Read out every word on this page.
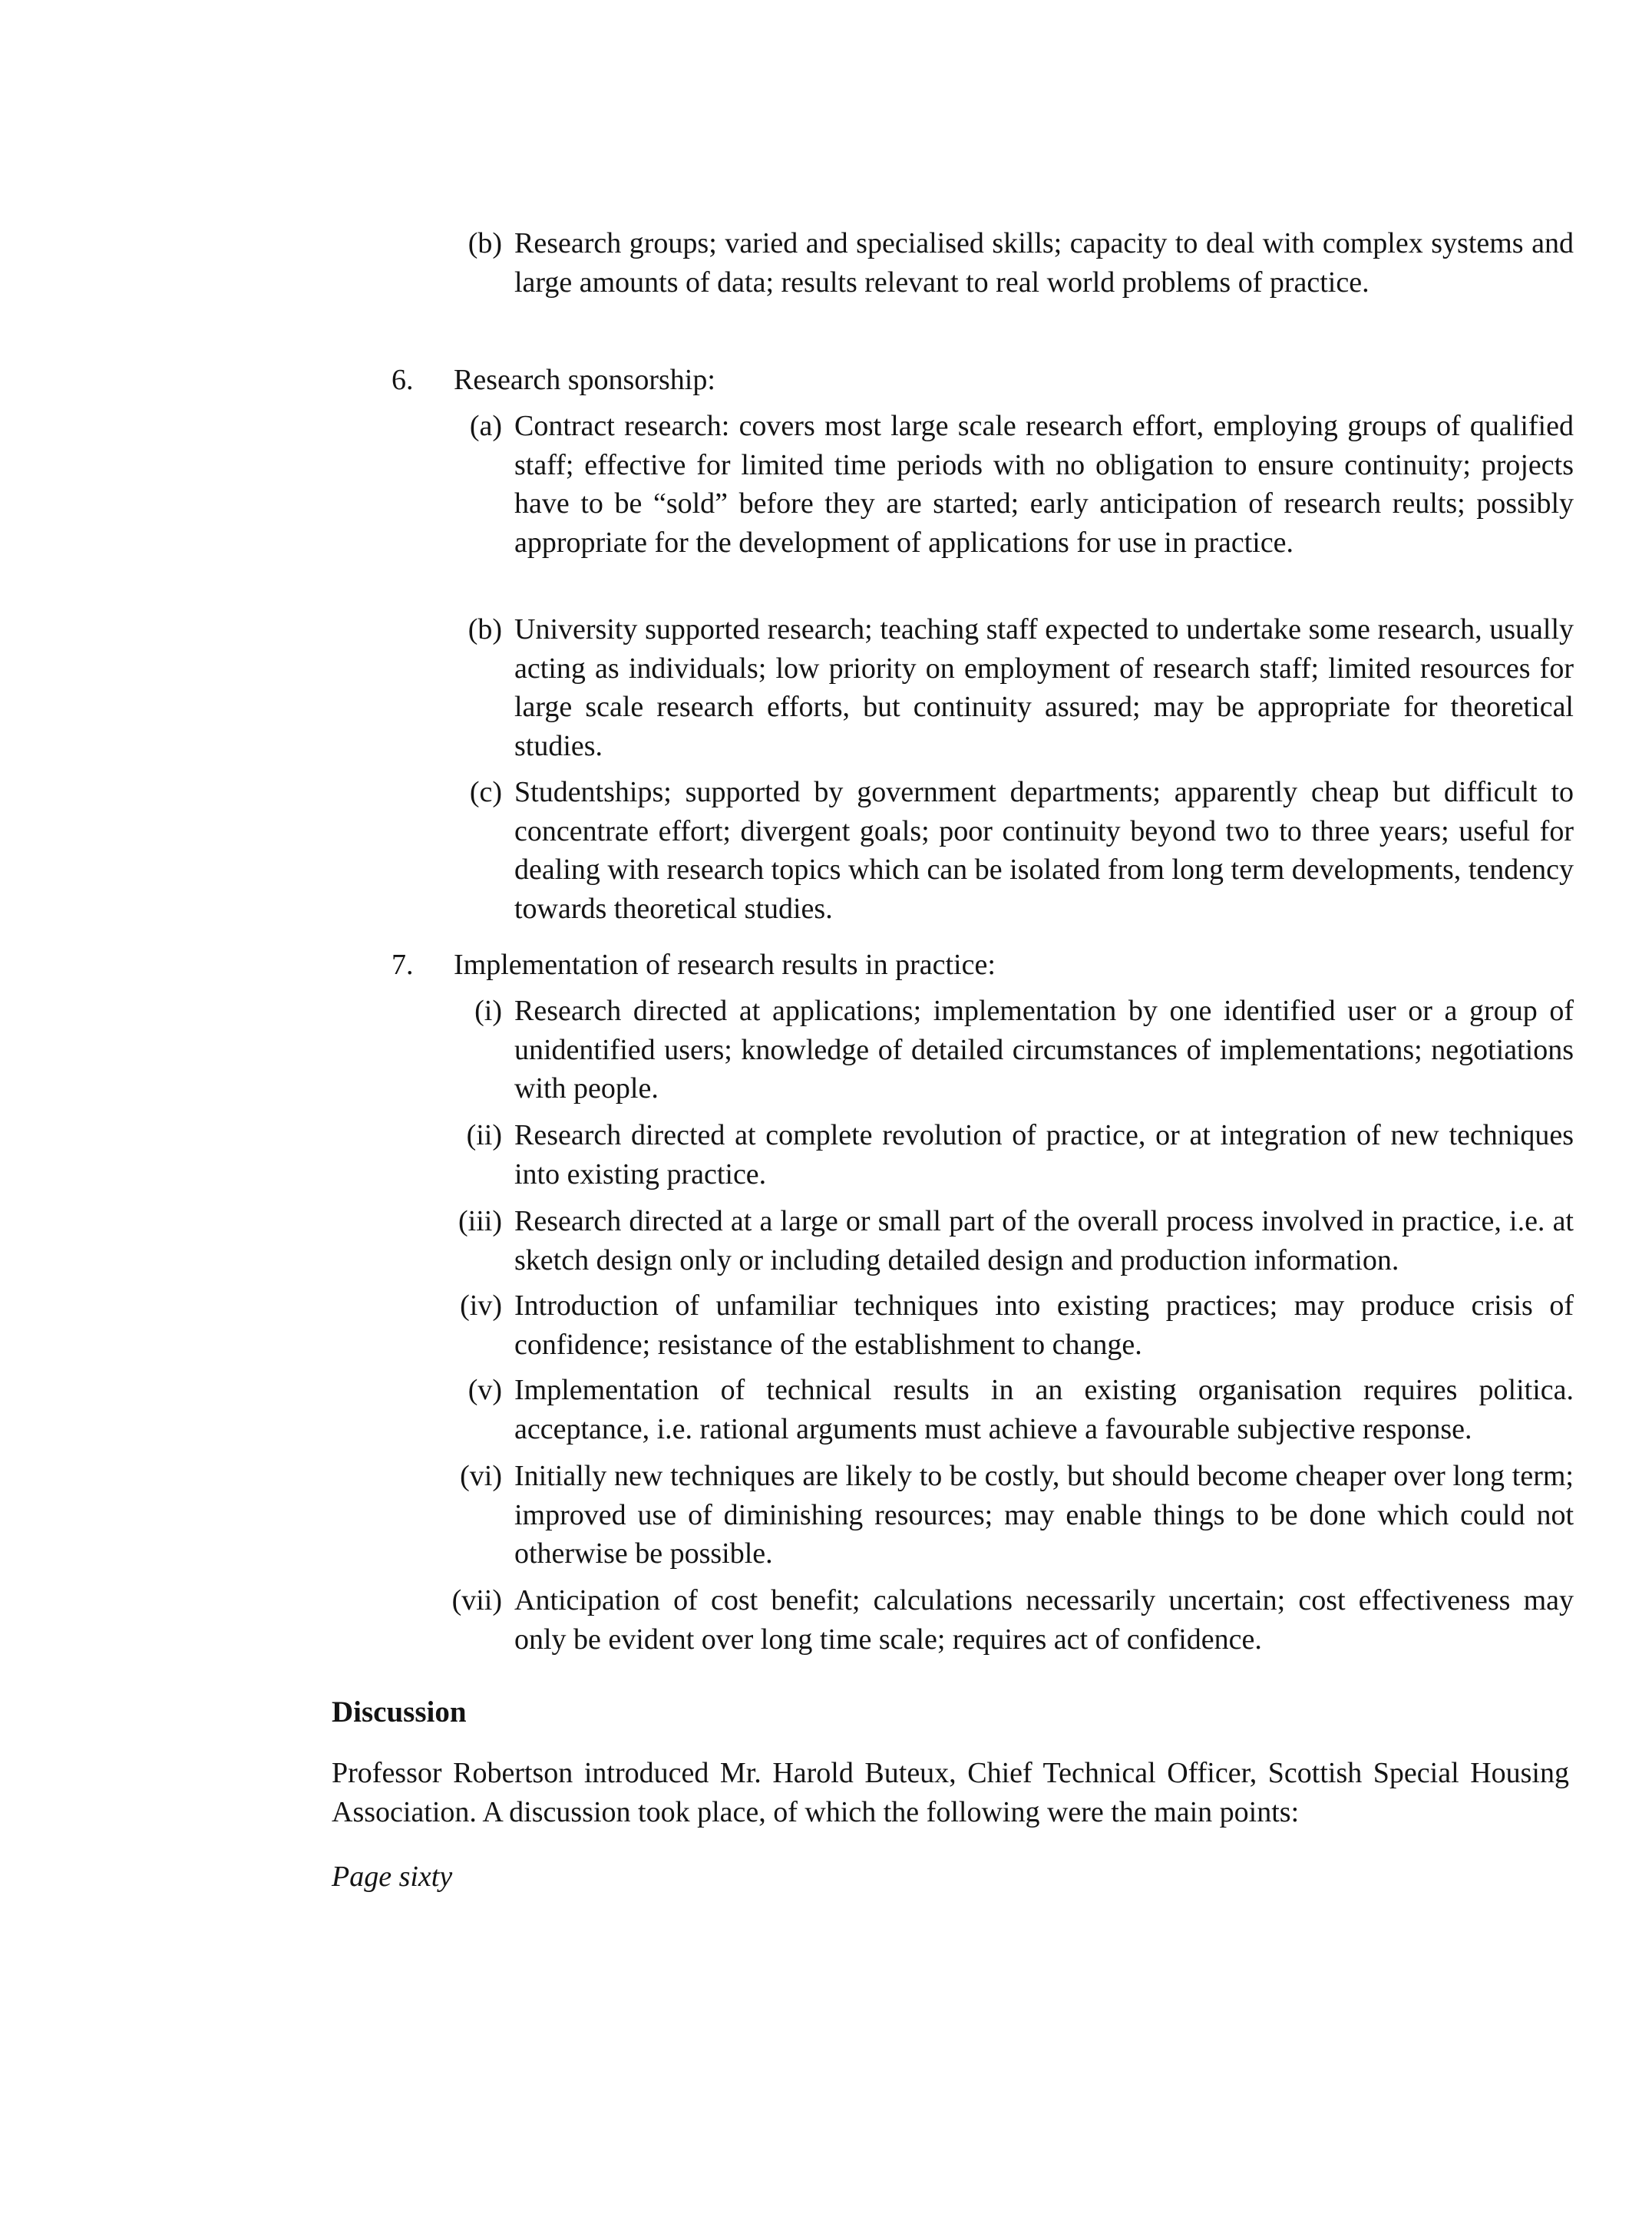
(b) Research groups; varied and specialised skills; capacity to deal with complex systems and large amounts of data; results relevant to real world problems of practice.
6. Research sponsorship:
(a) Contract research: covers most large scale research effort, employing groups of qualified staff; effective for limited time periods with no obligation to ensure continuity; projects have to be “sold” before they are started; early anticipation of research reults; possibly appropriate for the development of applications for use in practice.
(b) University supported research; teaching staff expected to undertake some research, usually acting as individuals; low priority on employment of research staff; limited resources for large scale research efforts, but continuity assured; may be appropriate for theoretical studies.
(c) Studentships; supported by government departments; apparently cheap but difficult to concentrate effort; divergent goals; poor continuity beyond two to three years; useful for dealing with research topics which can be isolated from long term developments, tendency towards theoretical studies.
7. Implementation of research results in practice:
(i) Research directed at applications; implementation by one identified user or a group of unidentified users; knowledge of detailed circumstances of implementations; negotiations with people.
(ii) Research directed at complete revolution of practice, or at integration of new techniques into existing practice.
(iii) Research directed at a large or small part of the overall process involved in practice, i.e. at sketch design only or including detailed design and production information.
(iv) Introduction of unfamiliar techniques into existing practices; may produce crisis of confidence; resistance of the establishment to change.
(v) Implementation of technical results in an existing organisation requires politica. acceptance, i.e. rational arguments must achieve a favourable subjective response.
(vi) Initially new techniques are likely to be costly, but should become cheaper over long term; improved use of diminishing resources; may enable things to be done which could not otherwise be possible.
(vii) Anticipation of cost benefit; calculations necessarily uncertain; cost effectiveness may only be evident over long time scale; requires act of confidence.
Discussion
Professor Robertson introduced Mr. Harold Buteux, Chief Technical Officer, Scottish Special Housing Association. A discussion took place, of which the following were the main points:
Page sixty
